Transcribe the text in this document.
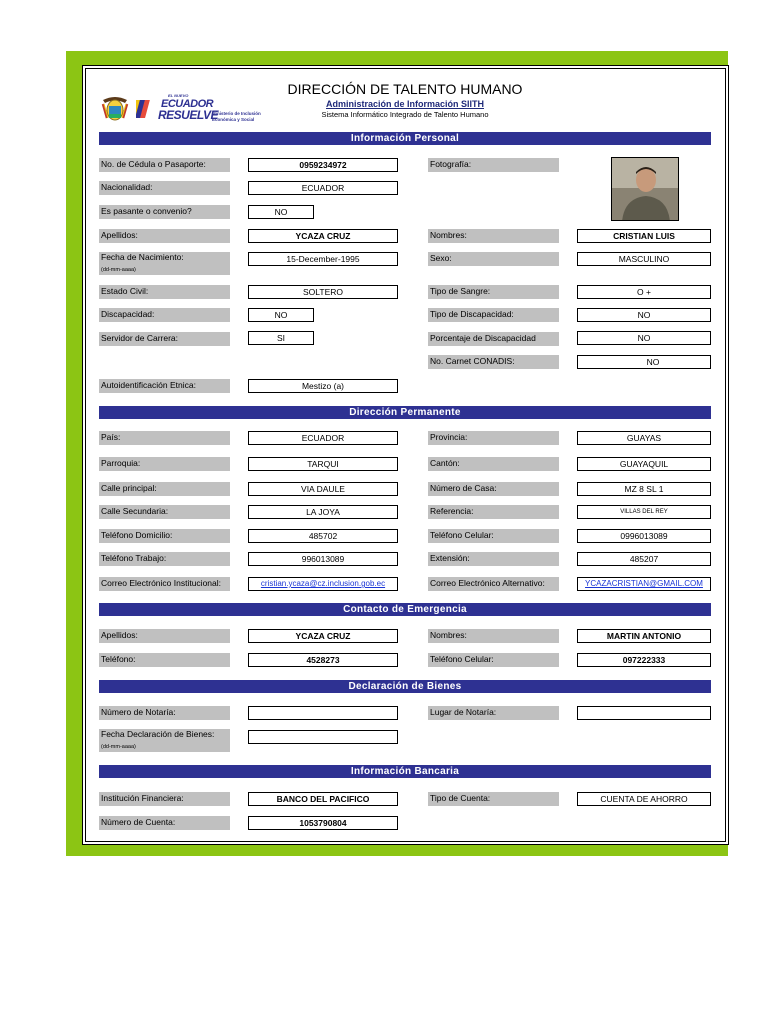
EL NUEVO
ECUADOR
RESUELVE
Ministerio de Inclusión Económica y Social
DIRECCIÓN DE TALENTO HUMANO
Administración de Información SIITH
Sistema Informático Integrado de Talento Humano
Información Personal
No. de Cédula o Pasaporte:	0959234972	Fotografía:
Nacionalidad:	ECUADOR
Es pasante o convenio?	NO
Apellidos:	YCAZA CRUZ	Nombres:	CRISTIAN LUIS
Fecha de Nacimiento:
(dd-mm-aaaa)
15-December-1995	Sexo:	MASCULINO
Estado Civil:	SOLTERO	Tipo de Sangre:	O +
Discapacidad:	NO	Tipo de Discapacidad:	NO
Servidor de Carrera:	SI	Porcentaje de Discapacidad	NO
No. Carnet CONADIS:	NO
Autoidentificación Etnica:	Mestizo (a)
Dirección Permanente
País:	ECUADOR	Provincia:	GUAYAS
Parroquia:	TARQUI	Cantón:	GUAYAQUIL
Calle principal:	VIA DAULE	Número de Casa:	MZ 8 SL 1
Calle Secundaria:	LA JOYA	Referencia:	VILLAS DEL REY
Teléfono Domicilio:	485702	Teléfono Celular:	0996013089
Teléfono Trabajo:	996013089	Extensión:	485207
Correo Electrónico Institucional:	cristian.ycaza@cz.inclusion.gob.ec	Correo Electrónico Alternativo:	YCAZACRISTIAN@GMAIL.COM
Contacto de Emergencia
Apellidos:	YCAZA CRUZ	Nombres:	MARTIN ANTONIO
Teléfono:	4528273	Teléfono Celular:	097222333
Declaración de Bienes
Número de Notaría:	Lugar de Notaría:
Fecha Declaración de Bienes:
(dd-mm-aaaa)
Información Bancaria
Institución Financiera:	BANCO DEL PACIFICO	Tipo de Cuenta:	CUENTA DE AHORRO
Número de Cuenta:	1053790804
